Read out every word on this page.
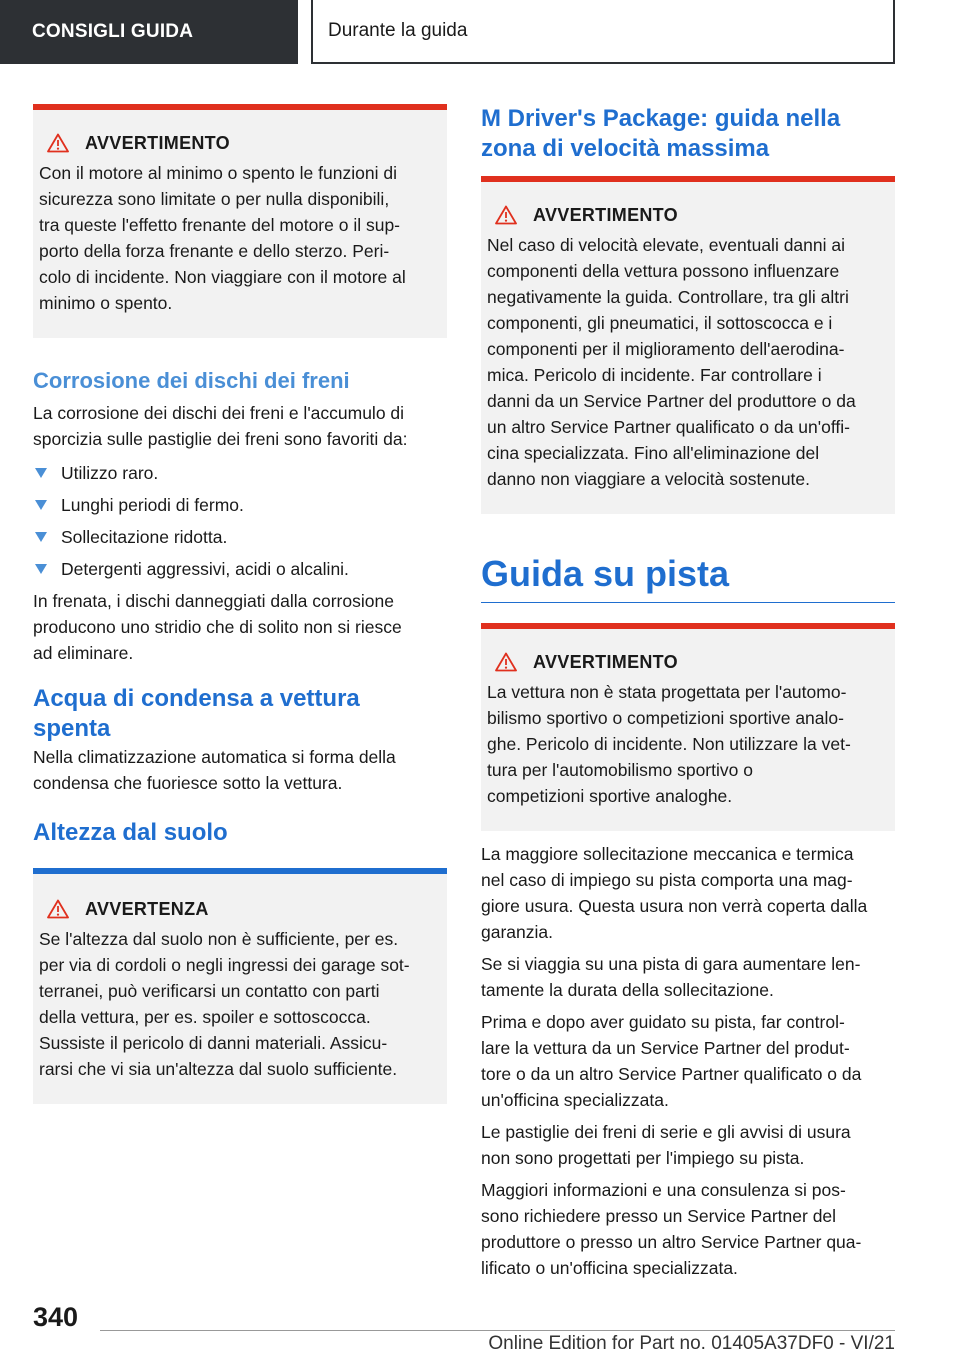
CONSIGLI GUIDA	Durante la guida
AVVERTIMENTO
Con il motore al minimo o spento le funzioni di
sicurezza sono limitate o per nulla disponibili,
tra queste l'effetto frenante del motore o il sup-
porto della forza frenante e dello sterzo. Peri-
colo di incidente. Non viaggiare con il motore al
minimo o spento.
Corrosione dei dischi dei freni
La corrosione dei dischi dei freni e l'accumulo di
sporcizia sulle pastiglie dei freni sono favoriti da:
Utilizzo raro.
Lunghi periodi di fermo.
Sollecitazione ridotta.
Detergenti aggressivi, acidi o alcalini.
In frenata, i dischi danneggiati dalla corrosione
producono uno stridio che di solito non si riesce
ad eliminare.
Acqua di condensa a vettura
spenta
Nella climatizzazione automatica si forma della
condensa che fuoriesce sotto la vettura.
Altezza dal suolo
AVVERTENZA
Se l'altezza dal suolo non è sufficiente, per es.
per via di cordoli o negli ingressi dei garage sot-
terranei, può verificarsi un contatto con parti
della vettura, per es. spoiler e sottoscocca.
Sussiste il pericolo di danni materiali. Assicu-
rarsi che vi sia un'altezza dal suolo sufficiente.
M Driver's Package: guida nella
zona di velocità massima
AVVERTIMENTO
Nel caso di velocità elevate, eventuali danni ai
componenti della vettura possono influenzare
negativamente la guida. Controllare, tra gli altri
componenti, gli pneumatici, il sottoscocca e i
componenti per il miglioramento dell'aerodina-
mica. Pericolo di incidente. Far controllare i
danni da un Service Partner del produttore o da
un altro Service Partner qualificato o da un'offi-
cina specializzata. Fino all'eliminazione del
danno non viaggiare a velocità sostenute.
Guida su pista
AVVERTIMENTO
La vettura non è stata progettata per l'automo-
bilismo sportivo o competizioni sportive analo-
ghe. Pericolo di incidente. Non utilizzare la vet-
tura per l'automobilismo sportivo o
competizioni sportive analoghe.
La maggiore sollecitazione meccanica e termica
nel caso di impiego su pista comporta una mag-
giore usura. Questa usura non verrà coperta dalla
garanzia.
Se si viaggia su una pista di gara aumentare len-
tamente la durata della sollecitazione.
Prima e dopo aver guidato su pista, far control-
lare la vettura da un Service Partner del produt-
tore o da un altro Service Partner qualificato o da
un'officina specializzata.
Le pastiglie dei freni di serie e gli avvisi di usura
non sono progettati per l'impiego su pista.
Maggiori informazioni e una consulenza si pos-
sono richiedere presso un Service Partner del
produttore o presso un altro Service Partner qua-
lificato o un'officina specializzata.
340
Online Edition for Part no. 01405A37DF0 - VI/21
